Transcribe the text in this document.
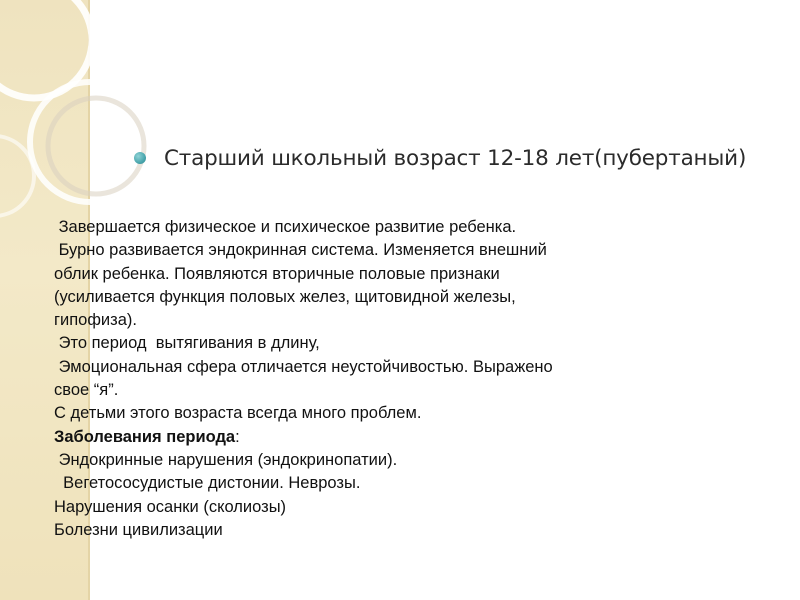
Старший школьный возраст 12-18 лет(пубертаный)

Завершается физическое и психическое развитие ребенка.

Бурно развивается эндокринная система. Изменяется внешний

облик ребенка. Появляются вторичные половые признаки

(усиливается функция половых желез, щитовидной железы,

гипофиза).

Это период  вытягивания в длину,

Эмоциональная сфера отличается неустойчивостью. Выражено

свое “я”.

С детьми этого возраста всегда много проблем.

Заболевания периода:

Эндокринные нарушения (эндокринопатии).

Вегетососудистые дистонии. Неврозы.

Нарушения осанки (сколиозы)

Болезни цивилизации
